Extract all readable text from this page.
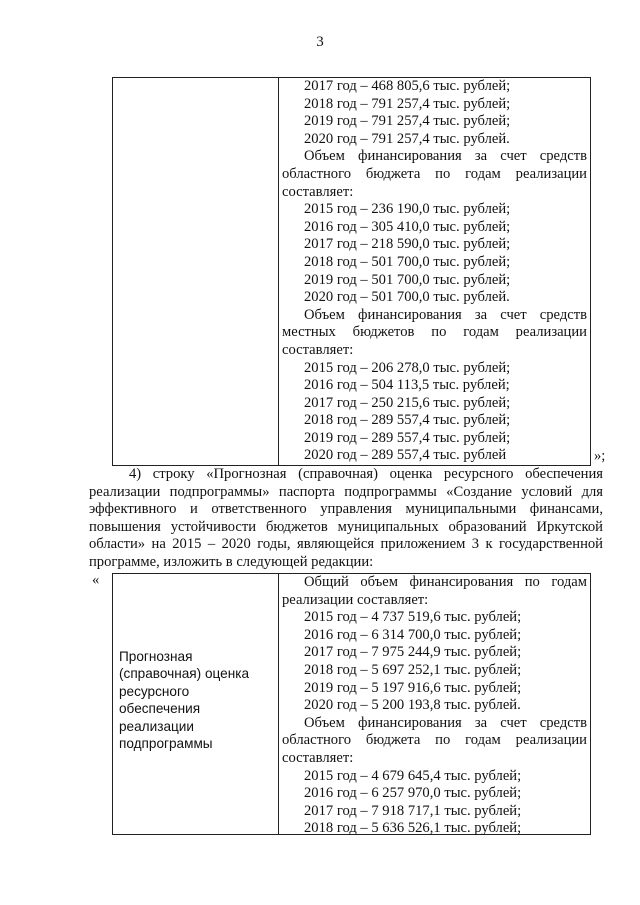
3
2017 год – 468 805,6 тыс. рублей;
2018 год – 791 257,4 тыс. рублей;
2019 год – 791 257,4 тыс. рублей;
2020 год – 791 257,4 тыс. рублей.
Объем финансирования за счет средств
областного бюджета по годам реализации
составляет:
2015 год – 236 190,0 тыс. рублей;
2016 год – 305 410,0 тыс. рублей;
2017 год – 218 590,0 тыс. рублей;
2018 год – 501 700,0 тыс. рублей;
2019 год – 501 700,0 тыс. рублей;
2020 год – 501 700,0 тыс. рублей.
Объем финансирования за счет средств
местных бюджетов по годам реализации
составляет:
2015 год – 206 278,0 тыс. рублей;
2016 год – 504 113,5 тыс. рублей;
2017 год – 250 215,6 тыс. рублей;
2018 год – 289 557,4 тыс. рублей;
2019 год – 289 557,4 тыс. рублей;
2020 год – 289 557,4 тыс. рублей	»;
4) строку «Прогнозная (справочная) оценка ресурсного обеспечения
реализации подпрограммы» паспорта подпрограммы «Создание условий для
эффективного и ответственного управления муниципальными финансами,
повышения устойчивости бюджетов муниципальных образований Иркутской
области» на 2015 – 2020 годы, являющейся приложением 3 к государственной
программе, изложить в следующей редакции:
«
Прогнозная
(справочная) оценка
ресурсного
обеспечения
реализации
подпрограммы
Общий объем финансирования по годам
реализации составляет:
2015 год – 4 737 519,6 тыс. рублей;
2016 год – 6 314 700,0 тыс. рублей;
2017 год – 7 975 244,9 тыс. рублей;
2018 год – 5 697 252,1 тыс. рублей;
2019 год – 5 197 916,6 тыс. рублей;
2020 год – 5 200 193,8 тыс. рублей.
Объем финансирования за счет средств
областного бюджета по годам реализации
составляет:
2015 год – 4 679 645,4 тыс. рублей;
2016 год – 6 257 970,0 тыс. рублей;
2017 год – 7 918 717,1 тыс. рублей;
2018 год – 5 636 526,1 тыс. рублей;
